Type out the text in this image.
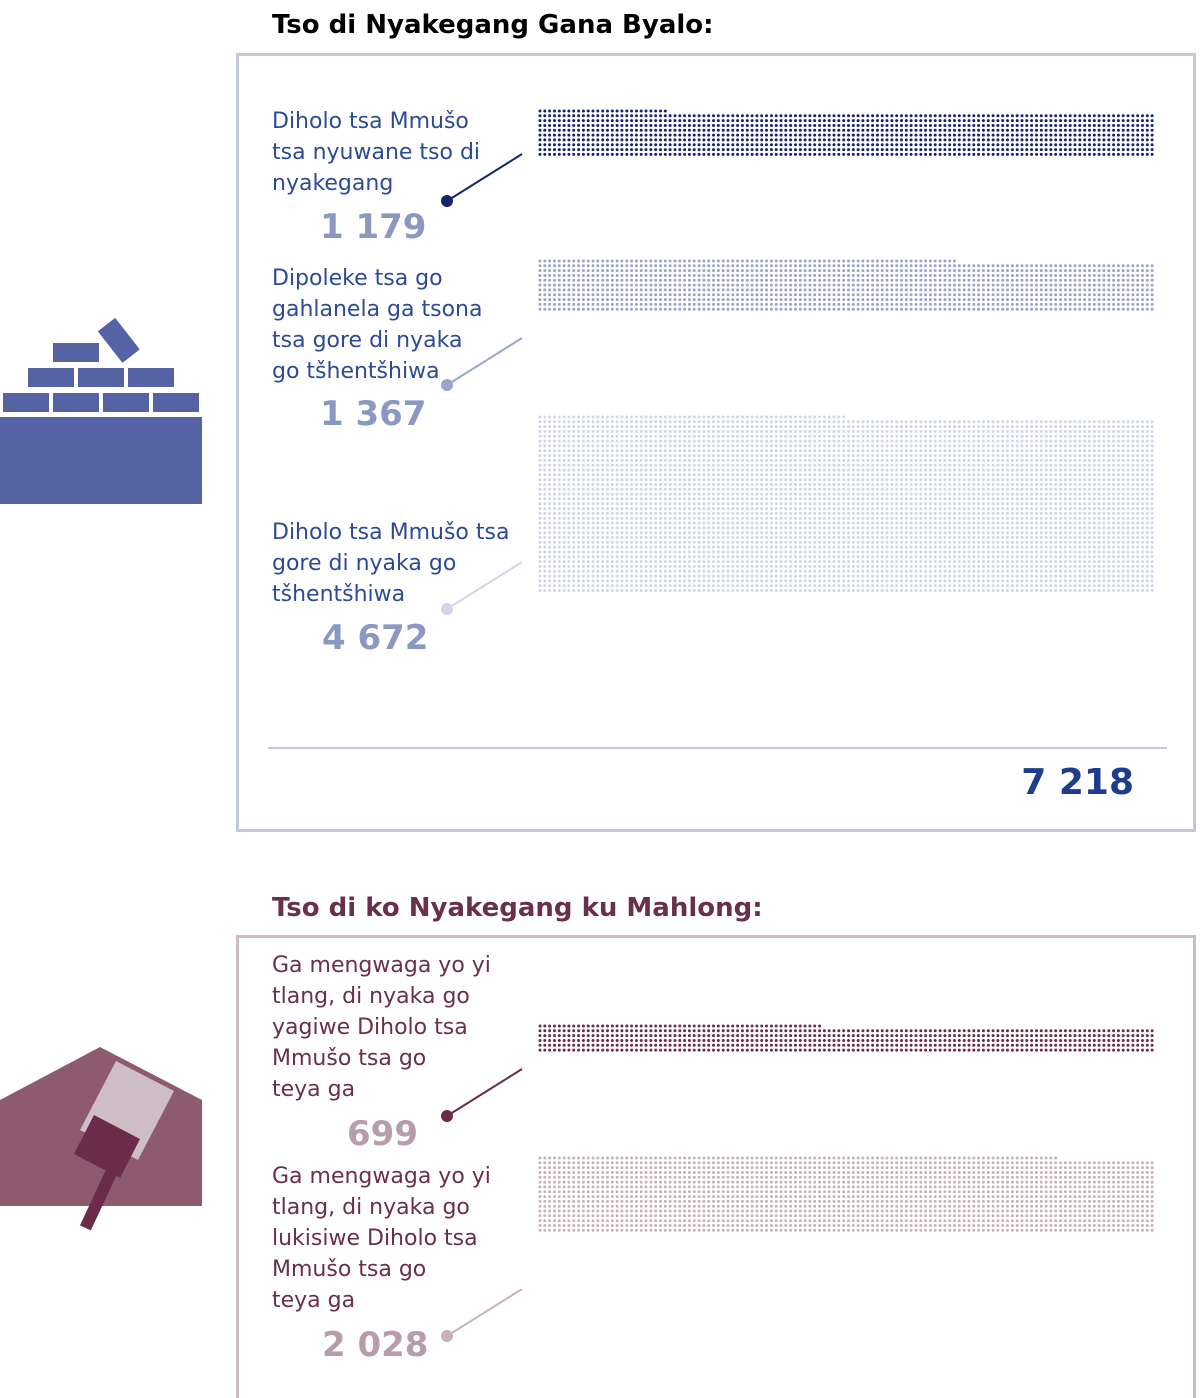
Tso di Nyakegang Gana Byalo:
Diholo tsa Mmušo
tsa nyuwane tso di
nyakegang
1 179
Dipoleke tsa go
gahlanela ga tsona
tsa gore di nyaka
go tšhentšhiwa
1 367
Diholo tsa Mmušo tsa
gore di nyaka go
tšhentšhiwa
4 672
7 218
Tso di ko Nyakegang ku Mahlong:
Ga mengwaga yo yi
tlang, di nyaka go
yagiwe Diholo tsa
Mmušo tsa go
teya ga
699
Ga mengwaga yo yi
tlang, di nyaka go
lukisiwe Diholo tsa
Mmušo tsa go
teya ga
2 028
